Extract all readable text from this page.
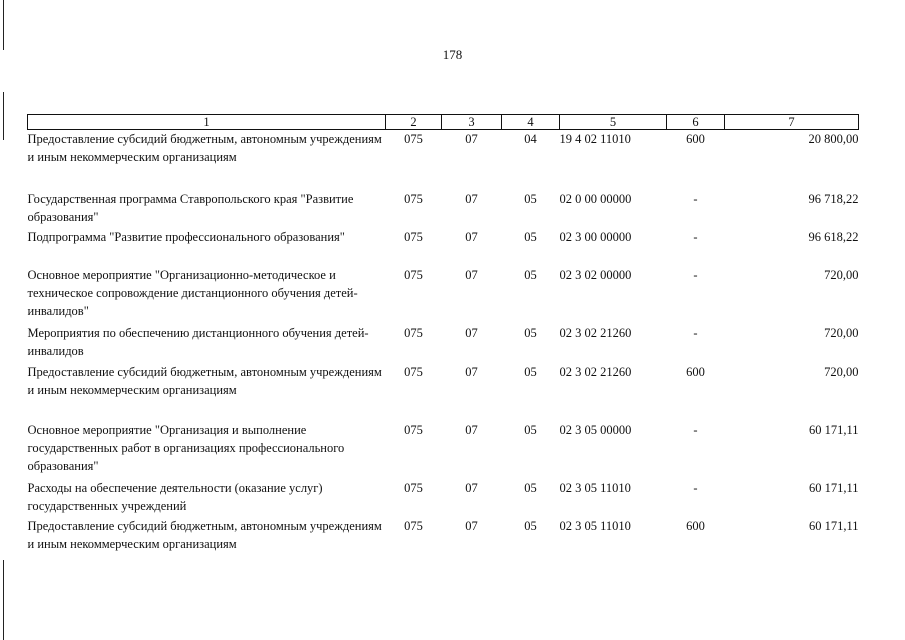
178
1	2	3	4	5	6	7
Предоставление субсидий бюджетным, автономным учреждениям и иным некоммерческим организациям	075	07	04	19 4 02 11010	600	20 800,00
Государственная программа Ставропольского края "Развитие образования"	075	07	05	02 0 00 00000	-	96 718,22
Подпрограмма "Развитие профессионального образования"	075	07	05	02 3 00 00000	-	96 618,22
Основное мероприятие "Организационно-методическое и техническое сопровождение дистанционного обучения детей-инвалидов"	075	07	05	02 3 02 00000	-	720,00
Мероприятия по обеспечению дистанционного обучения детей-инвалидов	075	07	05	02 3 02 21260	-	720,00
Предоставление субсидий бюджетным, автономным учреждениям и иным некоммерческим организациям	075	07	05	02 3 02 21260	600	720,00
Основное мероприятие "Организация и выполнение государственных работ в организациях профессионального образования"	075	07	05	02 3 05 00000	-	60 171,11
Расходы на обеспечение деятельности (оказание услуг) государственных учреждений	075	07	05	02 3 05 11010	-	60 171,11
Предоставление субсидий бюджетным, автономным учреждениям и иным некоммерческим организациям	075	07	05	02 3 05 11010	600	60 171,11
